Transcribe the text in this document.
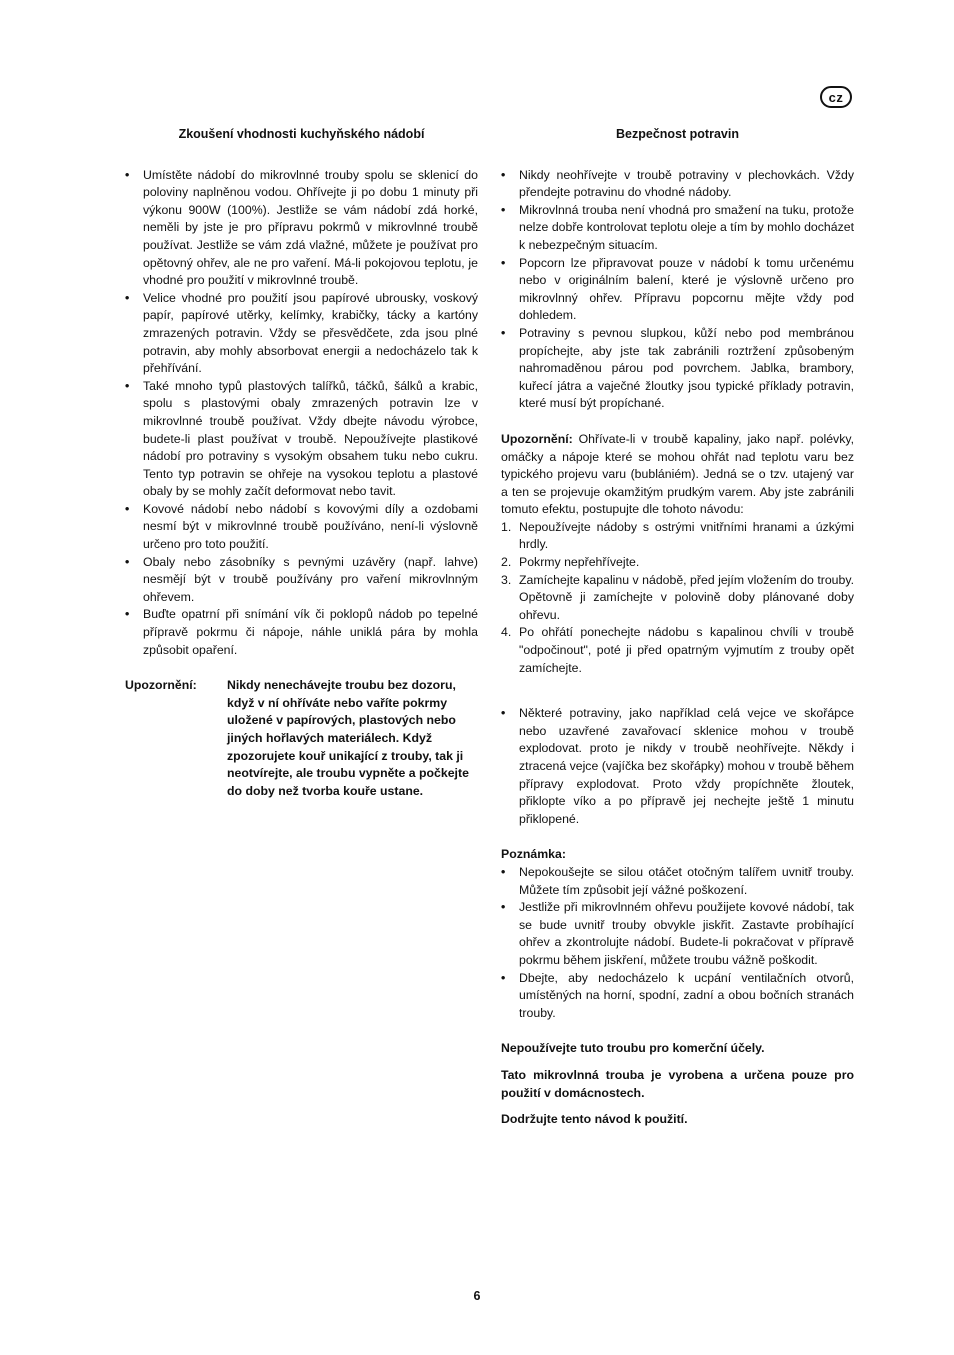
cz
Zkoušení vhodnosti kuchyňského nádobí
• Umístěte nádobí do mikrovlnné trouby spolu se sklenicí do poloviny naplněnou vodou. Ohřívejte ji po dobu 1 minuty při výkonu 900W (100%). Jestliže se vám nádobí zdá horké, neměli by jste je pro přípravu pokrmů v mikrovlnné troubě používat. Jestliže se vám zdá vlažné, můžete je používat pro opětovný ohřev, ale ne pro vaření. Má-li pokojovou teplotu, je vhodné pro použití v mikrovlnné troubě.
• Velice vhodné pro použití jsou papírové ubrousky, voskový papír, papírové utěrky, kelímky, krabičky, tácky a kartóny zmrazených potravin. Vždy se přesvědčete, zda jsou plné potravin, aby mohly absorbovat energii a nedocházelo tak k přehřívání.
• Také mnoho typů plastových talířků, táčků, šálků a krabic, spolu s plastovými obaly zmrazených potravin lze v mikrovlnné troubě používat. Vždy dbejte návodu výrobce, budete-li plast používat v troubě. Nepoužívejte plastikové nádobí pro potraviny s vysokým obsahem tuku nebo cukru. Tento typ potravin se ohřeje na vysokou teplotu a plastové obaly by se mohly začít deformovat nebo tavit.
• Kovové nádobí nebo nádobí s kovovými díly a ozdobami nesmí být v mikrovlnné troubě používáno, není-li výslovně určeno pro toto použití.
• Obaly nebo zásobníky s pevnými uzávěry (např. lahve) nesmějí být v troubě používány pro vaření mikrovlnným ohřevem.
• Buďte opatrní při snímání vík či poklopů nádob po tepelné přípravě pokrmu či nápoje, náhle uniklá pára by mohla způsobit opaření.
Upozornění:	Nikdy nenechávejte troubu bez dozoru, když v ní ohříváte nebo vaříte pokrmy uložené v papírových, plastových nebo jiných hořlavých materiálech. Když zpozorujete kouř unikající z trouby, tak ji neotvírejte, ale troubu vypněte a počkejte do doby než tvorba kouře ustane.
Bezpečnost potravin
• Nikdy neohřívejte v troubě potraviny v plechovkách. Vždy přendejte potravinu do vhodné nádoby.
• Mikrovlnná trouba není vhodná pro smažení na tuku, protože nelze dobře kontrolovat teplotu oleje a tím by mohlo docházet k nebezpečným situacím.
• Popcorn lze připravovat pouze v nádobí k tomu určenému nebo v originálním balení, které je výslovně určeno pro mikrovlnný ohřev. Přípravu popcornu mějte vždy pod dohledem.
• Potraviny s pevnou slupkou, kůží nebo pod membránou propíchejte, aby jste tak zabránili roztržení způsobeným nahromaděnou párou pod povrchem. Jablka, brambory, kuřecí játra a vaječné žloutky jsou typické příklady potravin, které musí být propíchané.

Upozornění: Ohřívate-li v troubě kapaliny, jako např. polévky, omáčky a nápoje které se mohou ohřát nad teplotu varu bez typického projevu varu (bublániém). Jedná se o tzv. utajený var a ten se projevuje okamžitým prudkým varem. Aby jste zabránili tomuto efektu, postupujte dle tohoto návodu:

1. Nepoužívejte nádoby s ostrými vnitřními hranami a úzkými hrdly.
2. Pokrmy nepřehřívejte.
3. Zamíchejte kapalinu v nádobě, před jejím vložením do trouby. Opětovně ji zamíchejte v polovině doby plánované doby ohřevu.
4. Po ohřátí ponechejte nádobu s kapalinou chvíli v troubě "odpočinout", poté ji před opatrným vyjmutím z trouby opět zamíchejte.
• Některé potraviny, jako například celá vejce ve skořápce nebo uzavřené zavařovací sklenice mohou v troubě explodovat. proto je nikdy v troubě neohřívejte. Někdy i ztracená vejce (vajíčka bez skořápky) mohou v troubě během přípravy explodovat. Proto vždy propíchněte žloutek, přiklopte víko a po přípravě jej nechejte ještě 1 minutu přiklopené.
Poznámka:
• Nepokoušejte se silou otáčet otočným talířem uvnitř trouby. Můžete tím způsobit její vážné poškození.
• Jestliže při mikrovlnném ohřevu použijete kovové nádobí, tak se bude uvnitř trouby obvykle jiskřit. Zastavte probíhající ohřev a zkontrolujte nádobí. Budete-li pokračovat v přípravě pokrmu během jiskření, můžete troubu vážně poškodit.
• Dbejte, aby nedocházelo k ucpání ventilačních otvorů, umístěných na horní, spodní, zadní a obou bočních stranách trouby.

Nepoužívejte tuto troubu pro komerční účely.

Tato mikrovlnná trouba je vyrobena a určena pouze pro použití v domácnostech.

Dodržujte tento návod k použití.

6
